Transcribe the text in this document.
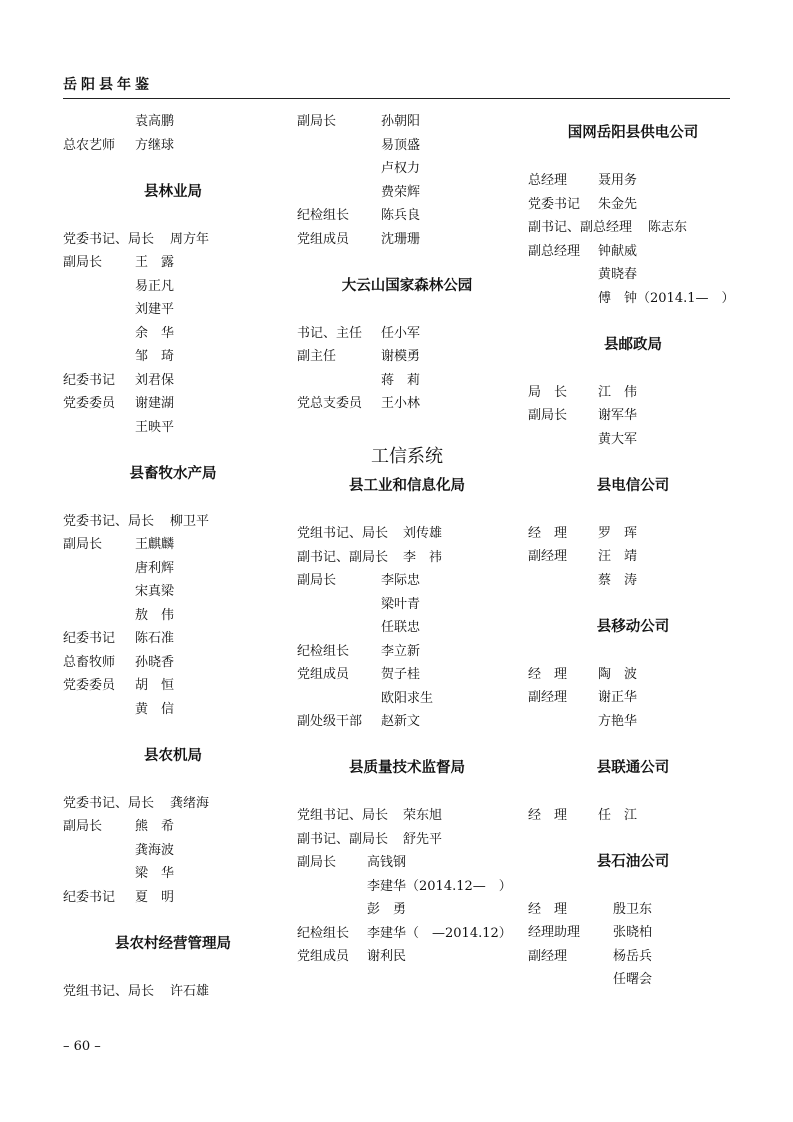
岳阳县年鉴
袁高鹏
总农艺师 方继球
县林业局
党委书记、局长 周方年
副局长	王　露
易正凡
刘建平
余　华
邹　琦
纪委书记 刘君保
党委委员 谢建湖
王映平
县畜牧水产局
党委书记、局长 柳卫平
副局长	王麒麟
唐利辉
宋真梁
敖　伟
纪委书记 陈石准
总畜牧师 孙晓香
党委委员 胡　恒
黄　信
县农机局
党委书记、局长 龚绪海
副局长	熊　希
龚海波
梁　华
纪委书记 夏　明
县农村经营管理局
党组书记、局长 许石雄
副局长	孙朝阳
易顶盛
卢权力
费荣辉
纪检组长 陈兵良
党组成员 沈珊珊
大云山国家森林公园
书记、主任 任小军
副主任	谢模勇
蒋　莉
党总支委员 王小林
工信系统
县工业和信息化局
党组书记、局长 刘传雄
副书记、副局长 李　祎
副局长	李际忠
梁叶青
任联忠
纪检组长 李立新
党组成员 贺子桂
欧阳求生
副处级干部 赵新文
县质量技术监督局
党组书记、局长 荣东旭
副书记、副局长 舒先平
副局长 高钱钢
李建华（2014.12—　）
彭　勇
纪检组长 李建华（　—2014.12）
党组成员 谢利民
国网岳阳县供电公司
总经理 聂用务
党委书记 朱金先
副书记、副总经理 陈志东
副总经理 钟献威
黄晓春
傅　钟（2014.1—　）
县邮政局
局　长 江　伟
副局长 谢军华
黄大军
县电信公司
经　理 罗　珲
副经理 汪　靖
蔡　涛
县移动公司
经　理 陶　波
副经理 谢正华
方艳华
县联通公司
经　理 任　江
县石油公司
经　理	殷卫东
经理助理	张晓柏
副经理	杨岳兵
任曙会
– 60 –
